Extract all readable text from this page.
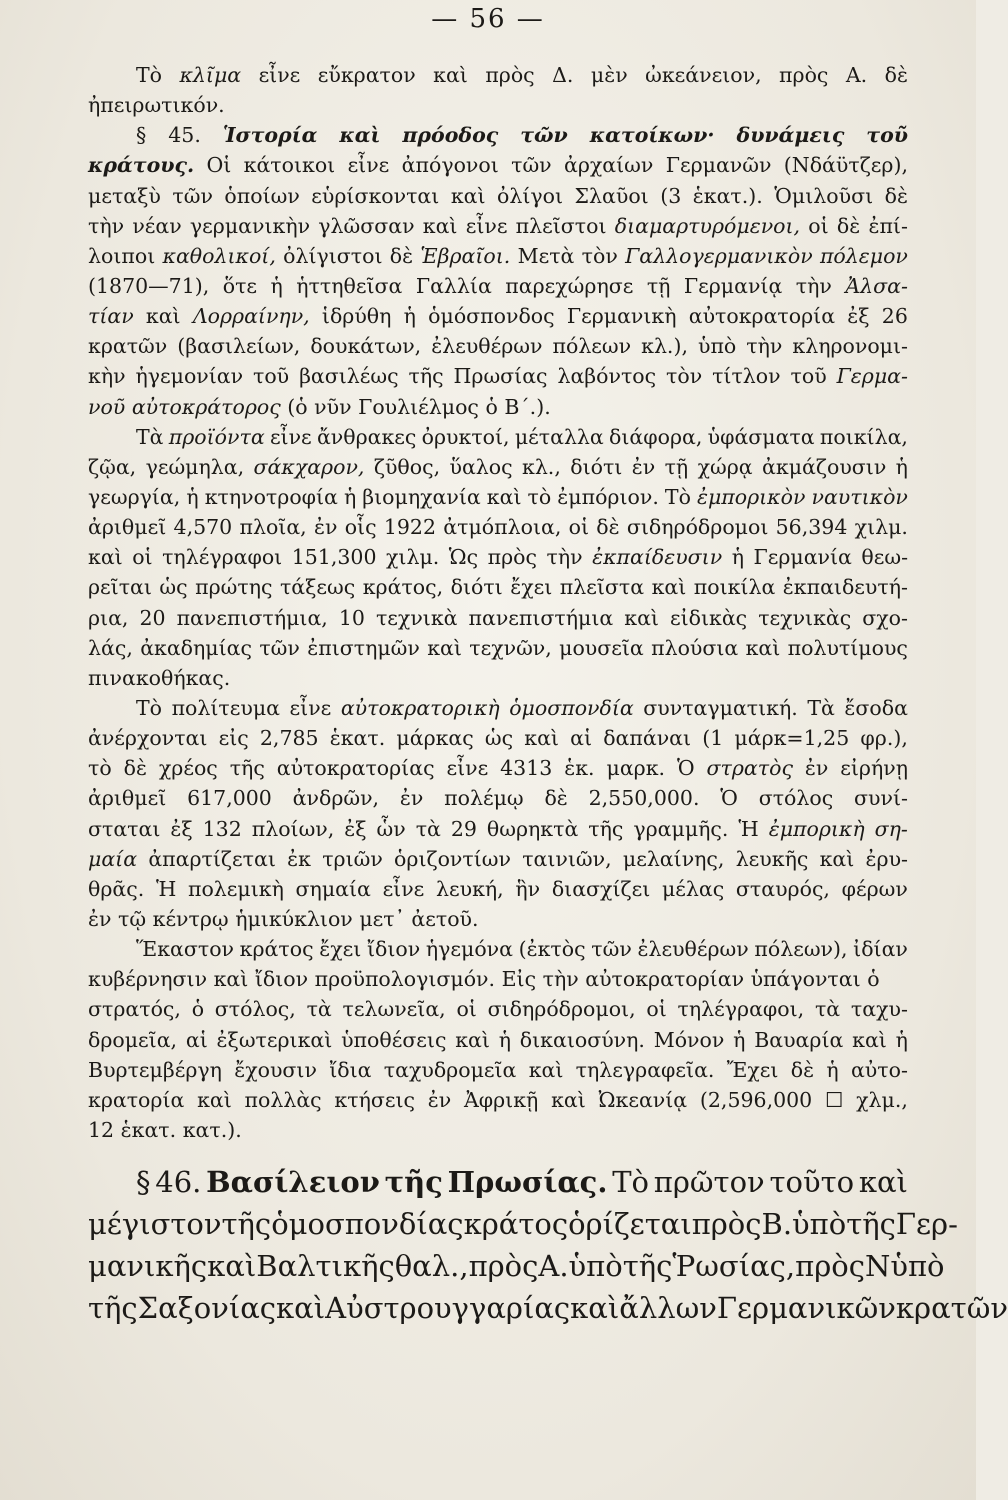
— 56 —
Τὸ κλῖμα εἶνε εὔκρατον καὶ πρὸς Δ. μὲν ὠκεάνειον, πρὸς Α. δὲ
ἠπειρωτικόν.
§ 45. Ἱστορία καὶ πρόοδος τῶν κατοίκων· δυνάμεις τοῦ
κράτους. Οἱ κάτοικοι εἶνε ἀπόγονοι τῶν ἀρχαίων Γερμανῶν (Νδάϋτζερ),
μεταξὺ τῶν ὁποίων εὑρίσκονται καὶ ὀλίγοι Σλαῦοι (3 ἑκατ.). Ὁμιλοῦσι δὲ
τὴν νέαν γερμανικὴν γλῶσσαν καὶ εἶνε πλεῖστοι διαμαρτυρόμενοι, οἱ δὲ ἐπί-
λοιποι καθολικοί, ὀλίγιστοι δὲ Ἑβραῖοι. Μετὰ τὸν Γαλλογερμανικὸν πόλεμον
(1870—71), ὅτε ἡ ἡττηθεῖσα Γαλλία παρεχώρησε τῇ Γερμανίᾳ τὴν Ἀλσα-
τίαν καὶ Λορραίνην, ἱδρύθη ἡ ὁμόσπονδος Γερμανικὴ αὐτοκρατορία ἐξ 26
κρατῶν (βασιλείων, δουκάτων, ἐλευθέρων πόλεων κλ.), ὑπὸ τὴν κληρονομι-
κὴν ἡγεμονίαν τοῦ βασιλέως τῆς Πρωσίας λαβόντος τὸν τίτλον τοῦ Γερμα-
νοῦ αὐτοκράτορος (ὁ νῦν Γουλιέλμος ὁ Β΄.).
Τὰ προϊόντα εἶνε ἄνθρακες ὀρυκτοί, μέταλλα διάφορα, ὑφάσματα ποικίλα,
ζῷα, γεώμηλα, σάκχαρον, ζῦθος, ὕαλος κλ., διότι ἐν τῇ χώρᾳ ἀκμάζουσιν ἡ
γεωργία, ἡ κτηνοτροφία ἡ βιομηχανία καὶ τὸ ἐμπόριον. Τὸ ἐμπορικὸν ναυτικὸν
ἀριθμεῖ 4,570 πλοῖα, ἐν οἷς 1922 ἀτμόπλοια, οἱ δὲ σιδηρόδρομοι 56,394 χιλμ.
καὶ οἱ τηλέγραφοι 151,300 χιλμ. Ὡς πρὸς τὴν ἐκπαίδευσιν ἡ Γερμανία θεω-
ρεῖται ὡς πρώτης τάξεως κράτος, διότι ἔχει πλεῖστα καὶ ποικίλα ἐκπαιδευτή-
ρια, 20 πανεπιστήμια, 10 τεχνικὰ πανεπιστήμια καὶ εἰδικὰς τεχνικὰς σχο-
λάς, ἀκαδημίας τῶν ἐπιστημῶν καὶ τεχνῶν, μουσεῖα πλούσια καὶ πολυτίμους
πινακοθήκας.
Τὸ πολίτευμα εἶνε αὐτοκρατορικὴ ὁμοσπονδία συνταγματική. Τὰ ἔσοδα
ἀνέρχονται εἰς 2,785 ἑκατ. μάρκας ὡς καὶ αἱ δαπάναι (1 μάρκ=1,25 φρ.),
τὸ δὲ χρέος τῆς αὐτοκρατορίας εἶνε 4313 ἑκ. μαρκ. Ὁ στρατὸς ἐν εἰρήνῃ
ἀριθμεῖ 617,000 ἀνδρῶν, ἐν πολέμῳ δὲ 2,550,000. Ὁ στόλος συνί-
σταται ἐξ 132 πλοίων, ἐξ ὧν τὰ 29 θωρηκτὰ τῆς γραμμῆς. Ἡ ἐμπορικὴ ση-
μαία ἀπαρτίζεται ἐκ τριῶν ὁριζοντίων ταινιῶν, μελαίνης, λευκῆς καὶ ἐρυ-
θρᾶς. Ἡ πολεμικὴ σημαία εἶνε λευκή, ἣν διασχίζει μέλας σταυρός, φέρων
ἐν τῷ κέντρῳ ἡμικύκλιον μετ᾽ ἀετοῦ.
Ἕκαστον κράτος ἔχει ἴδιον ἡγεμόνα (ἐκτὸς τῶν ἐλευθέρων πόλεων), ἰδίαν
κυβέρνησιν καὶ ἴδιον προϋπολογισμόν. Εἰς τὴν αὐτοκρατορίαν ὑπάγονται ὁ
στρατός, ὁ στόλος, τὰ τελωνεῖα, οἱ σιδηρόδρομοι, οἱ τηλέγραφοι, τὰ ταχυ-
δρομεῖα, αἱ ἐξωτερικαὶ ὑποθέσεις καὶ ἡ δικαιοσύνη. Μόνον ἡ Βαυαρία καὶ ἡ
Βυρτεμβέργη ἔχουσιν ἴδια ταχυδρομεῖα καὶ τηλεγραφεῖα. Ἔχει δὲ ἡ αὐτο-
κρατορία καὶ πολλὰς κτήσεις ἐν Ἀφρικῇ καὶ Ὠκεανίᾳ (2,596,000 ☐ χλμ.,
12 ἑκατ. κατ.).
§ 46. Βασίλειον τῆς Πρωσίας. Τὸ πρῶτον τοῦτο καὶ
μέγιστον τῆς ὁμοσπονδίας κράτος ὁρίζεται πρὸς Β. ὑπὸ τῆς Γερ-
μανικῆς καὶ Βαλτικῆς θαλ., πρὸς Α. ὑπὸ τῆς Ῥωσίας, πρὸς Ν ὑπὸ
τῆς Σαξονίας καὶ Αὐστρουγγαρίας καὶ ἄλλων Γερμανικῶν κρατῶν
